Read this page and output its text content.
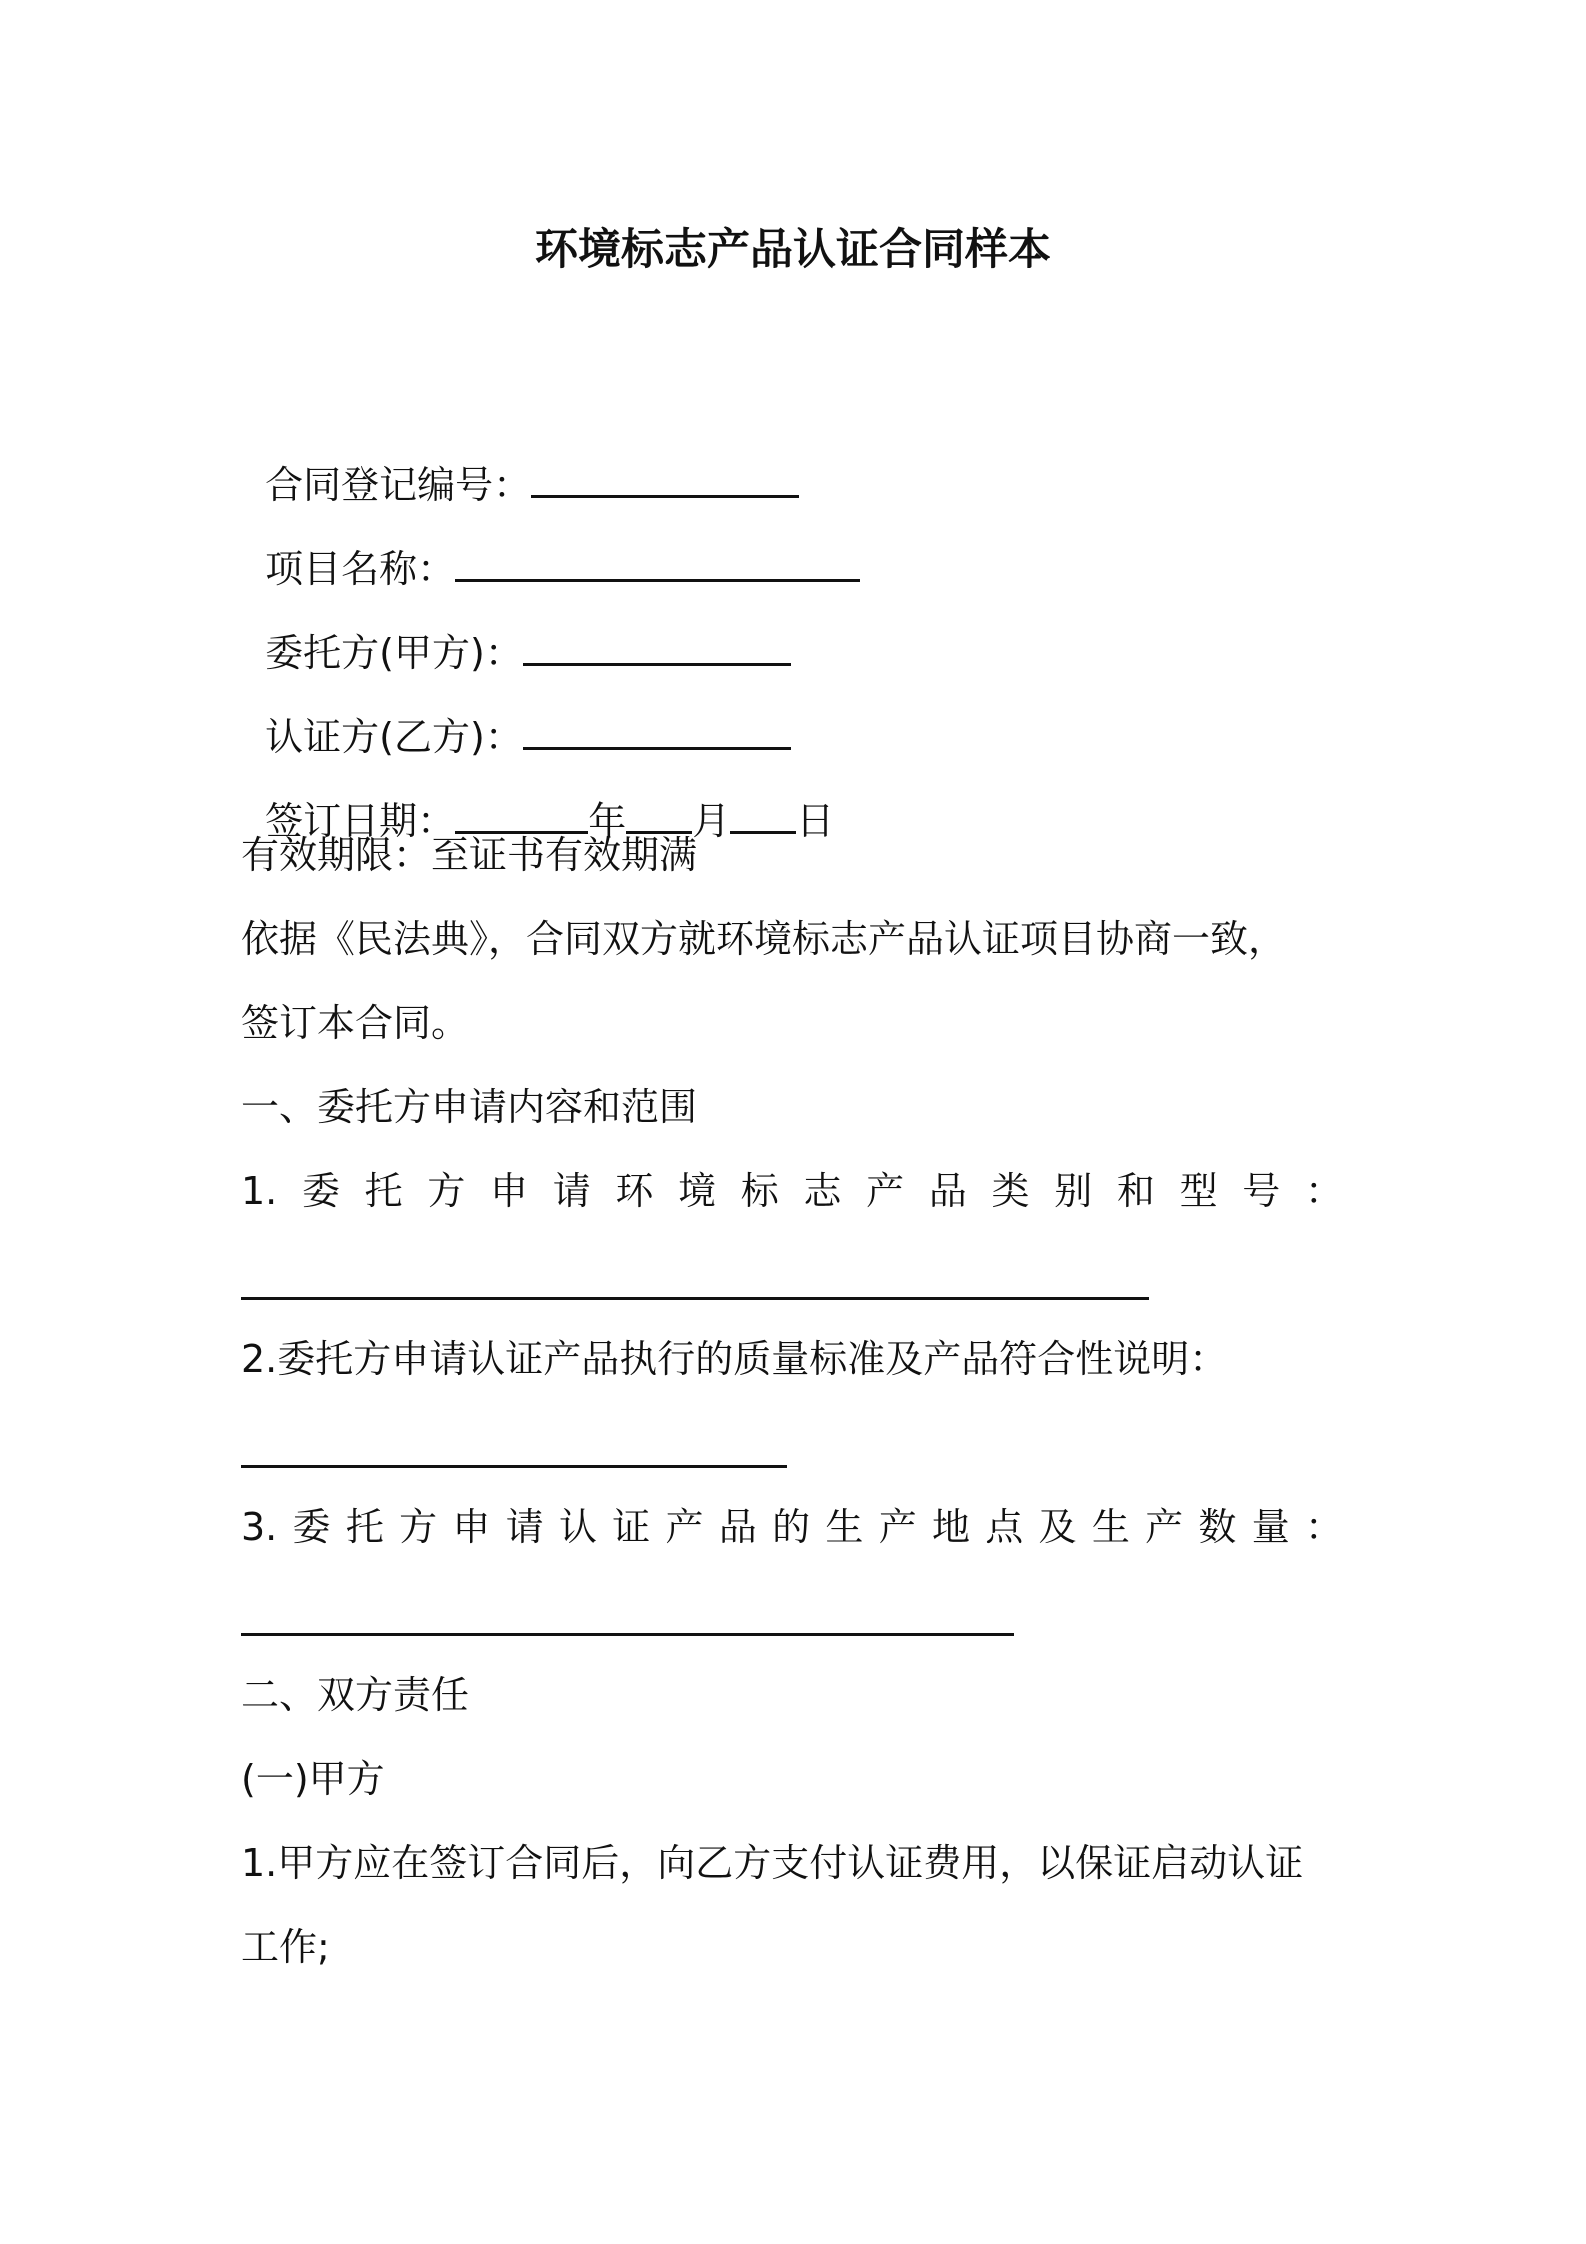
环境标志产品认证合同样本

合同登记编号：

项目名称：

委托方(甲方)：

认证方(乙方)：

签订日期：	年 月 日

有效期限：至证书有效期满
依据《民法典》，合同双方就环境标志产品认证项目协商一致，
签订本合同。
一、委托方申请内容和范围
1.委托方申请环境标志产品类别和型号：
2.委托方申请认证产品执行的质量标准及产品符合性说明：
3.委托方申请认证产品的生产地点及生产数量：
二、双方责任
(一)甲方
1.甲方应在签订合同后，向乙方支付认证费用，以保证启动认证
工作;
